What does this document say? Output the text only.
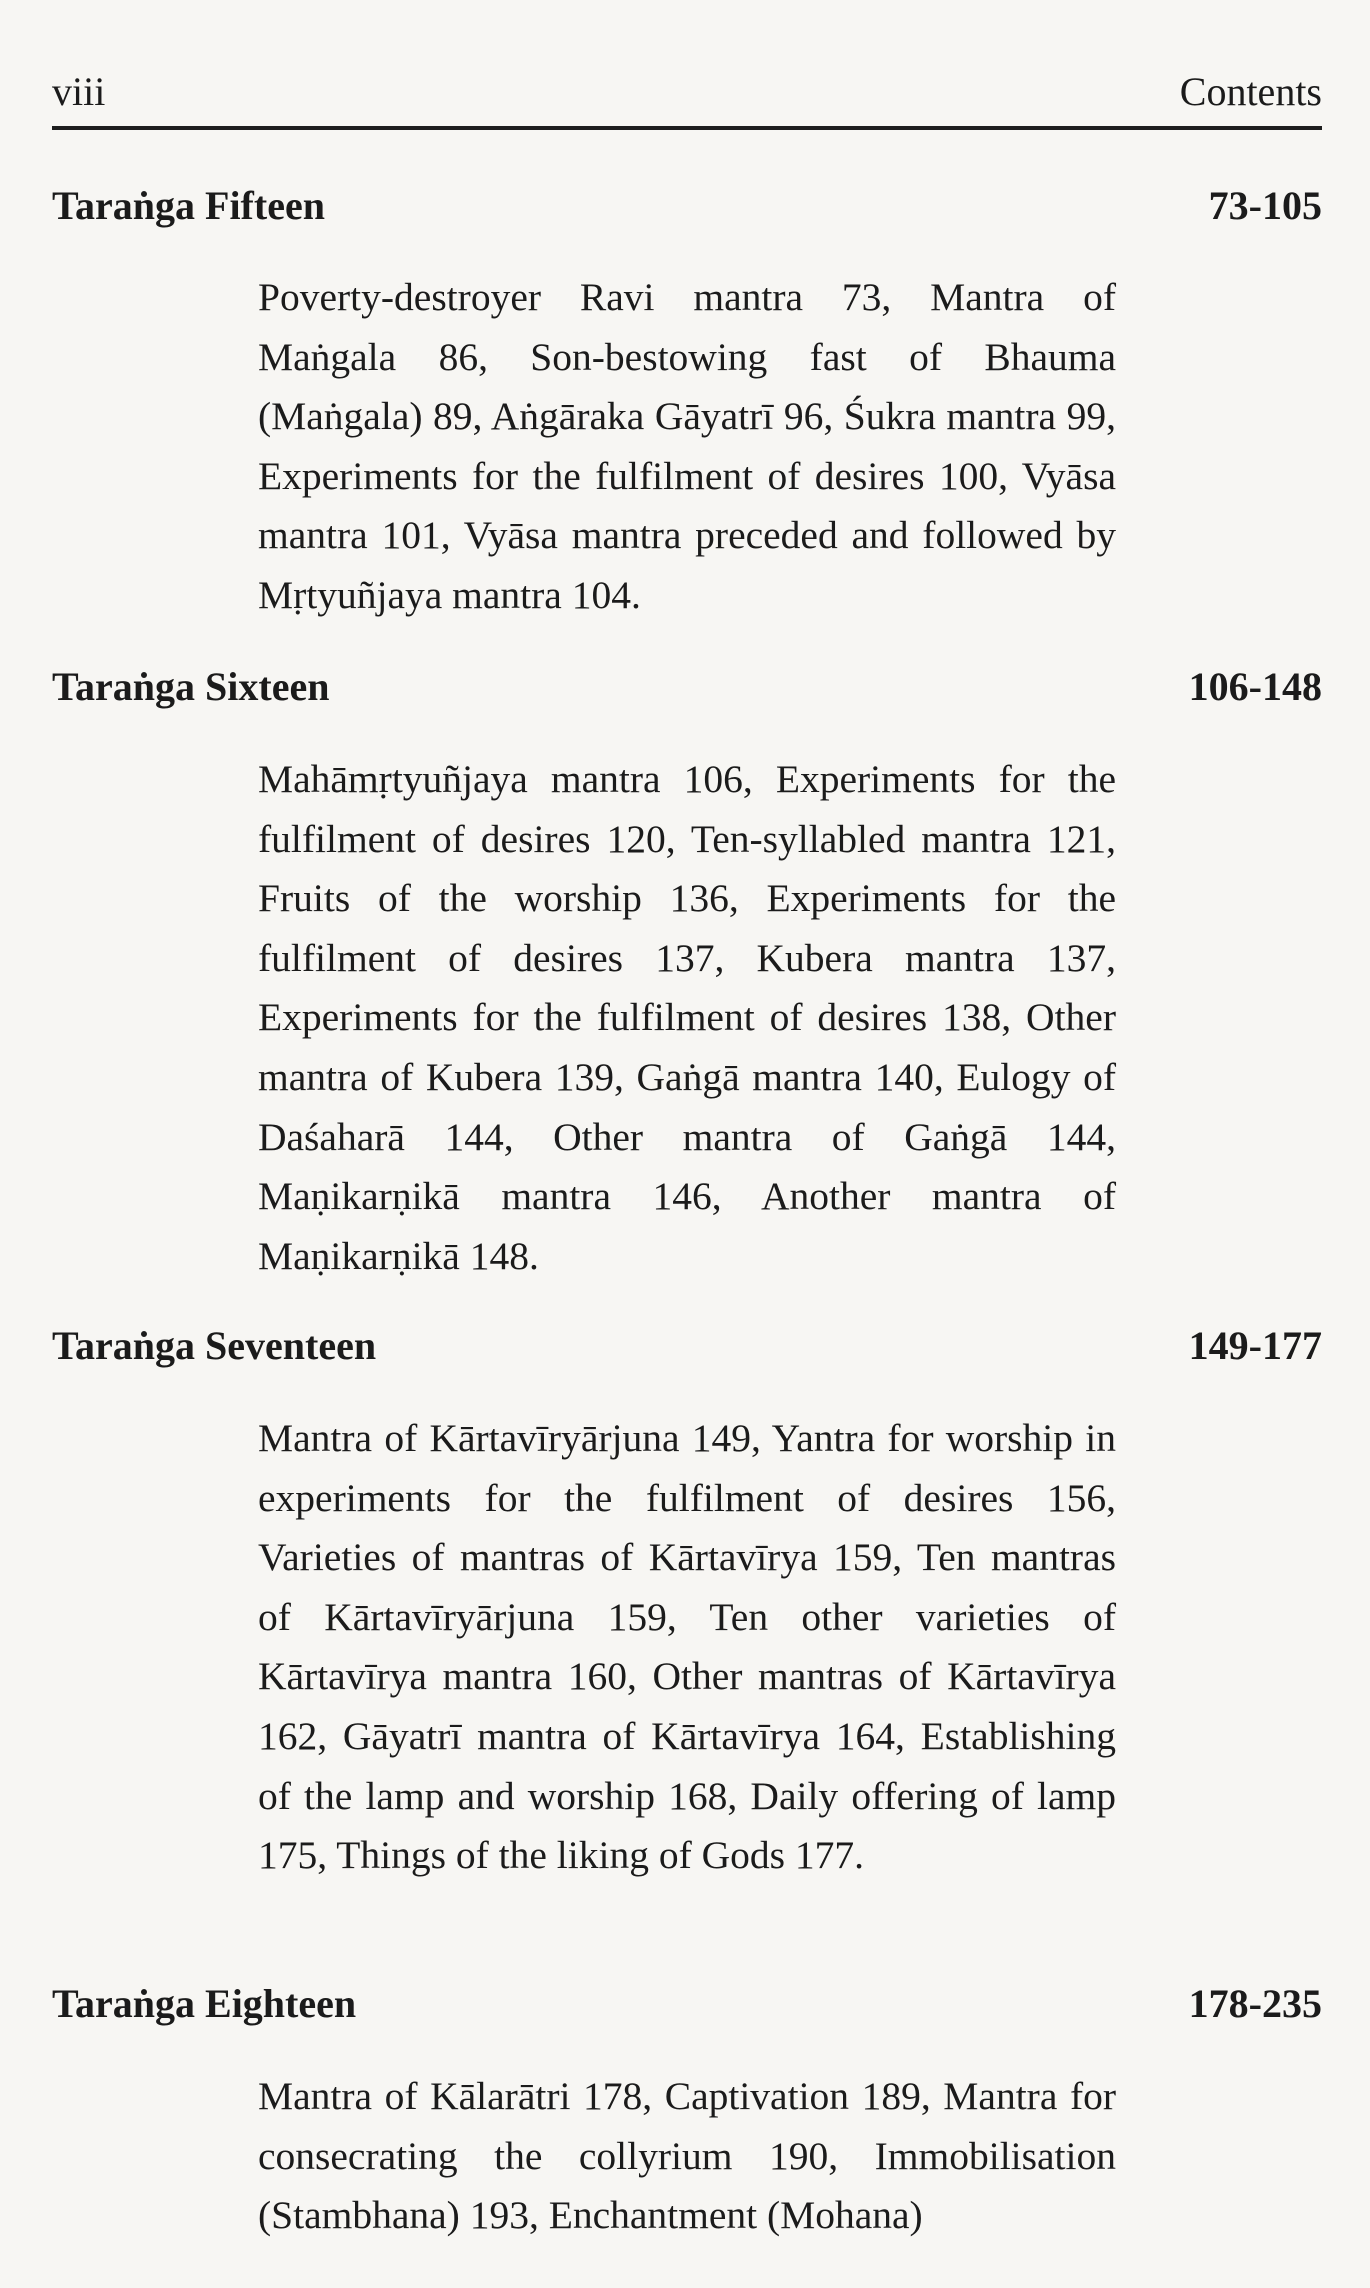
viii	Contents
Taraṅga Fifteen	73-105

Poverty-destroyer Ravi mantra 73, Mantra of Maṅgala 86, Son-bestowing fast of Bhauma (Maṅgala) 89, Aṅgāraka Gāyatrī 96, Śukra mantra 99, Experiments for the fulfilment of desires 100, Vyāsa mantra 101, Vyāsa mantra preceded and followed by Mṛtyuñjaya mantra 104.

Taraṅga Sixteen	106-148

Mahāmṛtyuñjaya mantra 106, Experiments for the fulfilment of desires 120, Ten-syllabled mantra 121, Fruits of the worship 136, Experiments for the fulfilment of desires 137, Kubera mantra 137, Experiments for the fulfilment of desires 138, Other mantra of Kubera 139, Gaṅgā mantra 140, Eulogy of Daśaharā 144, Other mantra of Gaṅgā 144, Maṇikarṇikā mantra 146, Another mantra of Maṇikarṇikā 148.

Taraṅga Seventeen	149-177

Mantra of Kārtavīryārjuna 149, Yantra for worship in experiments for the fulfilment of desires 156, Varieties of mantras of Kārtavīrya 159, Ten mantras of Kārtavīryārjuna 159, Ten other varieties of Kārtavīrya mantra 160, Other mantras of Kārtavīrya 162, Gāyatrī mantra of Kārtavīrya 164, Establishing of the lamp and worship 168, Daily offering of lamp 175, Things of the liking of Gods 177.

Taraṅga Eighteen	178-235

Mantra of Kālarātri 178, Captivation 189, Mantra for consecrating the collyrium 190, Immobilisation (Stambhana) 193, Enchantment (Mohana)
